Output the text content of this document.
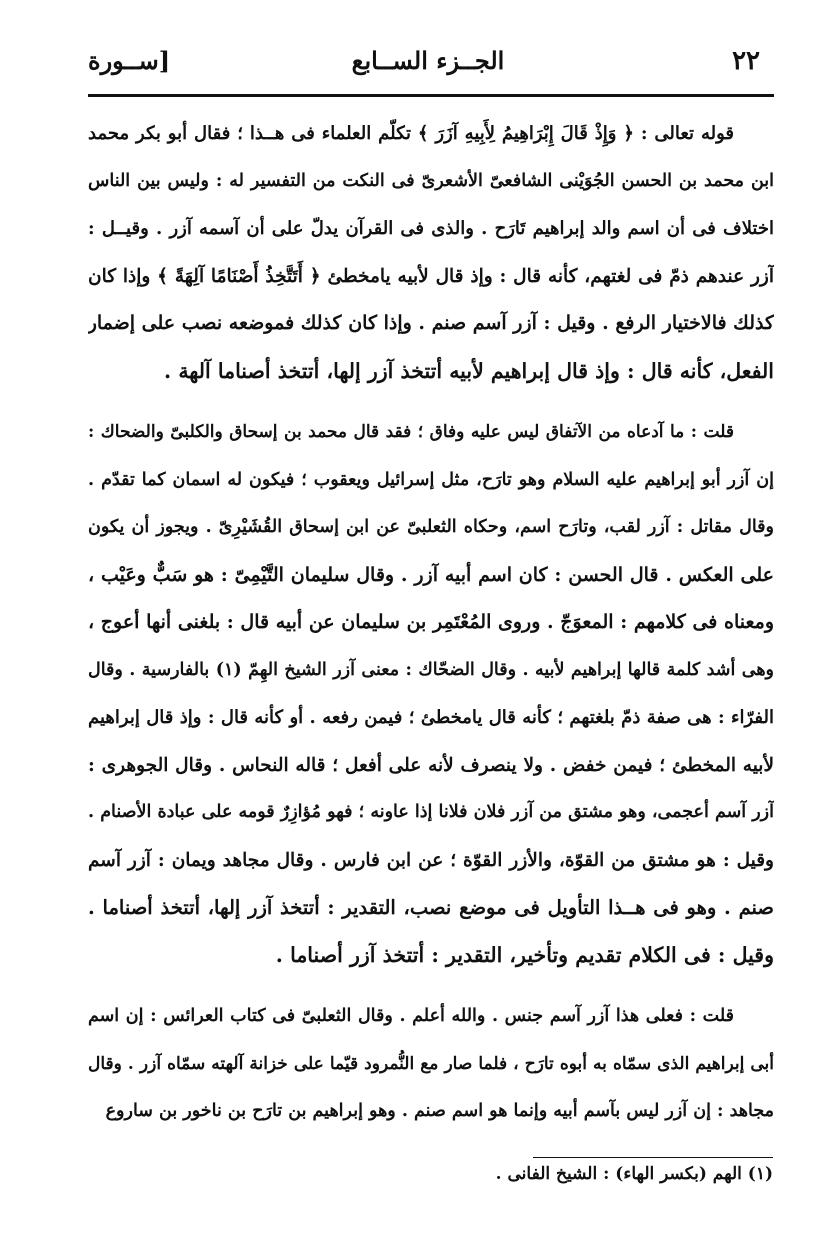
٢٢
الجــزء الســابع
[ســورة
قوله تعالى : ﴿ وَإِذْ قَالَ إِبْرَاهِيمُ لِأَبِيهِ آزَرَ ﴾ تكلّم العلماء فى هــذا ؛ فقال أبو بكر محمد
ابن محمد بن الحسن الجُوَيْنى الشافعىّ الأشعرىّ فى النكت من التفسير له : وليس بين الناس
اختلاف فى أن اسم والد إبراهيم تَارَح . والذى فى القرآن يدلّ على أن آسمه آزر . وقيــل :
آزر عندهم ذمّ فى لغتهم، كأنه قال : وإذ قال لأبيه يامخطئ ﴿ أَتَتَّخِذُ أَصْنَامًا آلِهَةً ﴾ وإذا كان
كذلك فالاختيار الرفع . وقيل : آزر آسم صنم . وإذا كان كذلك فموضعه نصب على إضمار
الفعل، كأنه قال : وإذ قال إبراهيم لأبيه أتتخذ آزر إلها، أتتخذ أصناما آلهة .
قلت : ما آدعاه من الآتفاق ليس عليه وفاق ؛ فقد قال محمد بن إسحاق والكلبىّ والضحاك :
إن آزر أبو إبراهيم عليه السلام وهو تارَح، مثل إسرائيل ويعقوب ؛ فيكون له اسمان كما تقدّم .
وقال مقاتل : آزر لقب، وتارَح اسم، وحكاه الثعلبىّ عن ابن إسحاق القُشَيْرِىّ . ويجوز أن يكون
على العكس . قال الحسن : كان اسم أبيه آزر . وقال سليمان التَّيْمِىّ : هو سَبٌّ وعَيْب ،
ومعناه فى كلامهم : المعوَجّ . وروى المُعْتَمِر بن سليمان عن أبيه قال : بلغنى أنها أعوج ،
وهى أشد كلمة قالها إبراهيم لأبيه . وقال الضحّاك : معنى آزر الشيخ الهِمّ (١) بالفارسية . وقال
الفرّاء : هى صفة ذمّ بلغتهم ؛ كأنه قال يامخطئ ؛ فيمن رفعه . أو كأنه قال : وإذ قال إبراهيم
لأبيه المخطئ ؛ فيمن خفض . ولا ينصرف لأنه على أفعل ؛ قاله النحاس . وقال الجوهرى :
آزر آسم أعجمى، وهو مشتق من آزر فلان فلانا إذا عاونه ؛ فهو مُؤازِرٌ قومه على عبادة الأصنام .
وقيل : هو مشتق من القوّة، والأزر القوّة ؛ عن ابن فارس . وقال مجاهد ويمان : آزر آسم
صنم . وهو فى هــذا التأويل فى موضع نصب، التقدير : أتتخذ آزر إلها، أتتخذ أصناما .
وقيل : فى الكلام تقديم وتأخير، التقدير : أتتخذ آزر أصناما .
قلت : فعلى هذا آزر آسم جنس . والله أعلم . وقال الثعلبىّ فى كتاب العرائس : إن اسم
أبى إبراهيم الذى سمّاه به أبوه تارَح ، فلما صار مع النُّمرود قيّما على خزانة آلهته سمّاه آزر . وقال
مجاهد : إن آزر ليس بآسم أبيه وإنما هو اسم صنم . وهو إبراهيم بن تارَح بن ناخور بن ساروع
(١) الهم (بكسر الهاء) : الشيخ الفانى .
